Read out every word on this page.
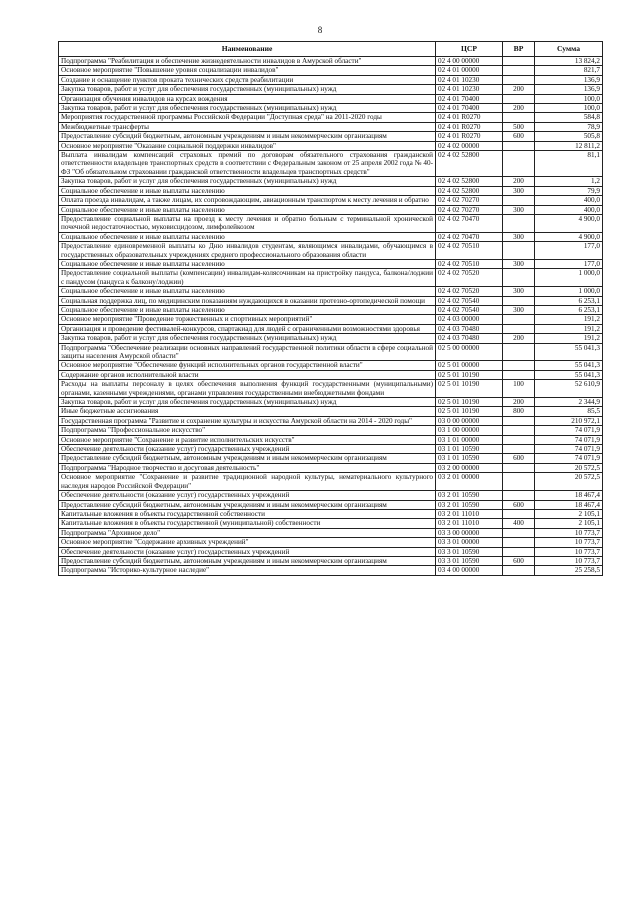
8
Наименование	ЦСР	ВР	Сумма
Подпрограмма "Реабилитация и обеспечение жизнедеятельности инвалидов в Амурской области"	02 4 00 00000		13 824,2
Основное мероприятие "Повышение уровня социализации инвалидов"	02 4 01 00000		821,7
Создание и оснащение пунктов проката технических средств реабилитации	02 4 01 10230		136,9
Закупка товаров, работ и услуг для обеспечения государственных (муниципальных) нужд	02 4 01 10230	200	136,9
Организация обучения инвалидов на курсах вождения	02 4 01 70400		100,0
Закупка товаров, работ и услуг для обеспечения государственных (муниципальных) нужд	02 4 01 70400	200	100,0
Мероприятия государственной программы Российской Федерации "Доступная среда" на 2011-2020 годы	02 4 01 R0270		584,8
Межбюджетные трансферты	02 4 01 R0270	500	78,9
Предоставление субсидий бюджетным, автономным учреждениям и иным некоммерческим организациям	02 4 01 R0270	600	505,8
Основное мероприятие "Оказание социальной поддержки инвалидов"	02 4 02 00000		12 811,2
Выплата инвалидам компенсаций страховых премий по договорам обязательного страхования гражданской ответственности владельцев транспортных средств в соответствии с Федеральным законом от 25 апреля 2002 года № 40-ФЗ "Об обязательном страховании гражданской ответственности владельцев транспортных средств"	02 4 02 52800		81,1
Закупка товаров, работ и услуг для обеспечения государственных (муниципальных) нужд	02 4 02 52800	200	1,2
Социальное обеспечение и иные выплаты населению	02 4 02 52800	300	79,9
Оплата проезда инвалидам, а также лицам, их сопровождающим, авиационным транспортом к месту лечения и обратно	02 4 02 70270		400,0
Социальное обеспечение и иные выплаты населению	02 4 02 70270	300	400,0
Предоставление социальной выплаты на проезд к месту лечения и обратно больным с терминальной хронической почечной недостаточностью, муковисцидозом, лимфолейкозом	02 4 02 70470		4 900,0
Социальное обеспечение и иные выплаты населению	02 4 02 70470	300	4 900,0
Предоставление единовременной выплаты ко Дню инвалидов студентам, являющимся инвалидами, обучающимся в государственных образовательных учреждениях среднего профессионального образования области	02 4 02 70510		177,0
Социальное обеспечение и иные выплаты населению	02 4 02 70510	300	177,0
Предоставление социальной выплаты (компенсации) инвалидам-колясочникам на пристройку пандуса, балкона/лоджии с пандусом (пандуса к балкону/лоджии)	02 4 02 70520		1 000,0
Социальное обеспечение и иные выплаты населению	02 4 02 70520	300	1 000,0
Социальная поддержка лиц, по медицинским показаниям нуждающихся в оказании протезно-ортопедической помощи	02 4 02 70540		6 253,1
Социальное обеспечение и иные выплаты населению	02 4 02 70540	300	6 253,1
Основное мероприятие "Проведение торжественных и спортивных мероприятий"	02 4 03 00000		191,2
Организация и проведение фестивалей-конкурсов, спартакиад для людей с ограниченными возможностями здоровья	02 4 03 70480		191,2
Закупка товаров, работ и услуг для обеспечения государственных (муниципальных) нужд	02 4 03 70480	200	191,2
Подпрограмма "Обеспечение реализации основных направлений государственной политики области в сфере социальной защиты населения Амурской области"	02 5 00 00000		55 041,3
Основное мероприятие "Обеспечение функций исполнительных органов государственной власти"	02 5 01 00000		55 041,3
Содержание органов исполнительной власти	02 5 01 10190		55 041,3
Расходы на выплаты персоналу в целях обеспечения выполнения функций государственными (муниципальными) органами, казенными учреждениями, органами управления государственными внебюджетными фондами	02 5 01 10190	100	52 610,9
Закупка товаров, работ и услуг для обеспечения государственных (муниципальных) нужд	02 5 01 10190	200	2 344,9
Иные бюджетные ассигнования	02 5 01 10190	800	85,5
Государственная программа "Развитие и сохранение культуры и искусства Амурской области на 2014 - 2020 годы"	03 0 00 00000		210 972,1
Подпрограмма "Профессиональное искусство"	03 1 00 00000		74 071,9
Основное мероприятие "Сохранение и развитие исполнительских искусств"	03 1 01 00000		74 071,9
Обеспечение деятельности (оказание услуг) государственных учреждений	03 1 01 10590		74 071,9
Предоставление субсидий бюджетным, автономным учреждениям и иным некоммерческим организациям	03 1 01 10590	600	74 071,9
Подпрограмма "Народное творчество и досуговая деятельность"	03 2 00 00000		20 572,5
Основное мероприятие "Сохранение и развитие традиционной народной культуры, нематериального культурного наследия народов Российской Федерации"	03 2 01 00000		20 572,5
Обеспечение деятельности (оказание услуг) государственных учреждений	03 2 01 10590		18 467,4
Предоставление субсидий бюджетным, автономным учреждениям и иным некоммерческим организациям	03 2 01 10590	600	18 467,4
Капитальные вложения в объекты государственной собственности	03 2 01 11010		2 105,1
Капитальные вложения в объекты государственной (муниципальной) собственности	03 2 01 11010	400	2 105,1
Подпрограмма "Архивное дело"	03 3 00 00000		10 773,7
Основное мероприятие "Содержание архивных учреждений"	03 3 01 00000		10 773,7
Обеспечение деятельности (оказание услуг) государственных учреждений	03 3 01 10590		10 773,7
Предоставление субсидий бюджетным, автономным учреждениям и иным некоммерческим организациям	03 3 01 10590	600	10 773,7
Подпрограмма "Историко-культурное наследие"	03 4 00 00000		25 258,5
